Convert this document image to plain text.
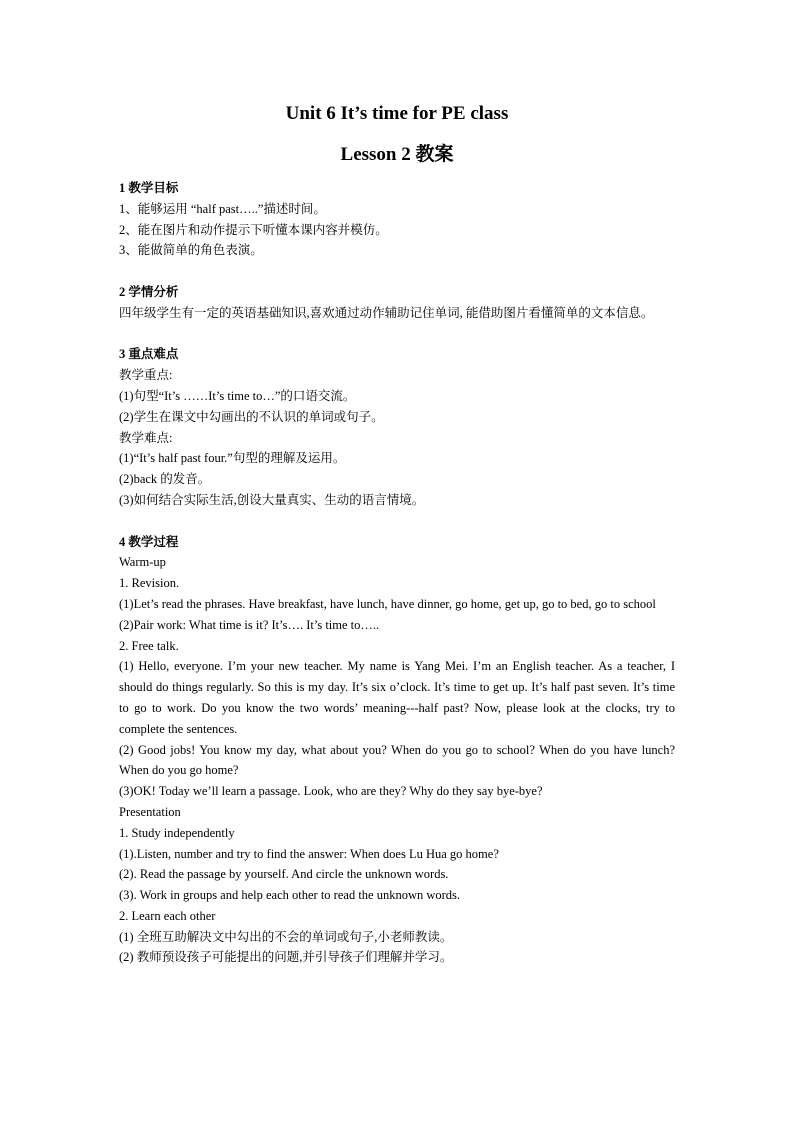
Unit 6 It’s time for PE class

Lesson 2 教案

1 教学目标

1、能够运用 “half past…..”描述时间。

2、能在图片和动作提示下听懂本课内容并模仿。

3、能做简单的角色表演。

2 学情分析

四年级学生有一定的英语基础知识,喜欢通过动作辅助记住单词, 能借助图片看懂简单的文本信息。

3 重点难点

教学重点:

(1)句型“It’s ……It’s time to…”的口语交流。

(2)学生在课文中勾画出的不认识的单词或句子。

教学难点:

(1)“It’s half past four.”句型的理解及运用。

(2)back 的发音。

(3)如何结合实际生活,创设大量真实、生动的语言情境。

4 教学过程

Warm-up

1. Revision.

(1)Let’s read the phrases. Have breakfast, have lunch, have dinner, go home, get up, go to bed, go to school

(2)Pair work: What time is it? It’s…. It’s time to…..

2. Free talk.

(1) Hello, everyone. I’m your new teacher. My name is Yang Mei. I’m an English teacher. As a teacher, I should do things regularly. So this is my day. It’s six o’clock. It’s time to get up. It’s half past seven. It’s time to go to work. Do you know the two words’ meaning---half past? Now, please look at the clocks, try to complete the sentences.

(2) Good jobs! You know my day, what about you? When do you go to school? When do you have lunch? When do you go home?

(3)OK! Today we’ll learn a passage. Look, who are they? Why do they say bye-bye?

Presentation

1. Study independently

(1).Listen, number and try to find the answer: When does Lu Hua go home?

(2). Read the passage by yourself. And circle the unknown words.

(3). Work in groups and help each other to read the unknown words.

2. Learn each other

(1) 全班互助解决文中勾出的不会的单词或句子,小老师教读。

(2) 教师预设孩子可能提出的问题,并引导孩子们理解并学习。
